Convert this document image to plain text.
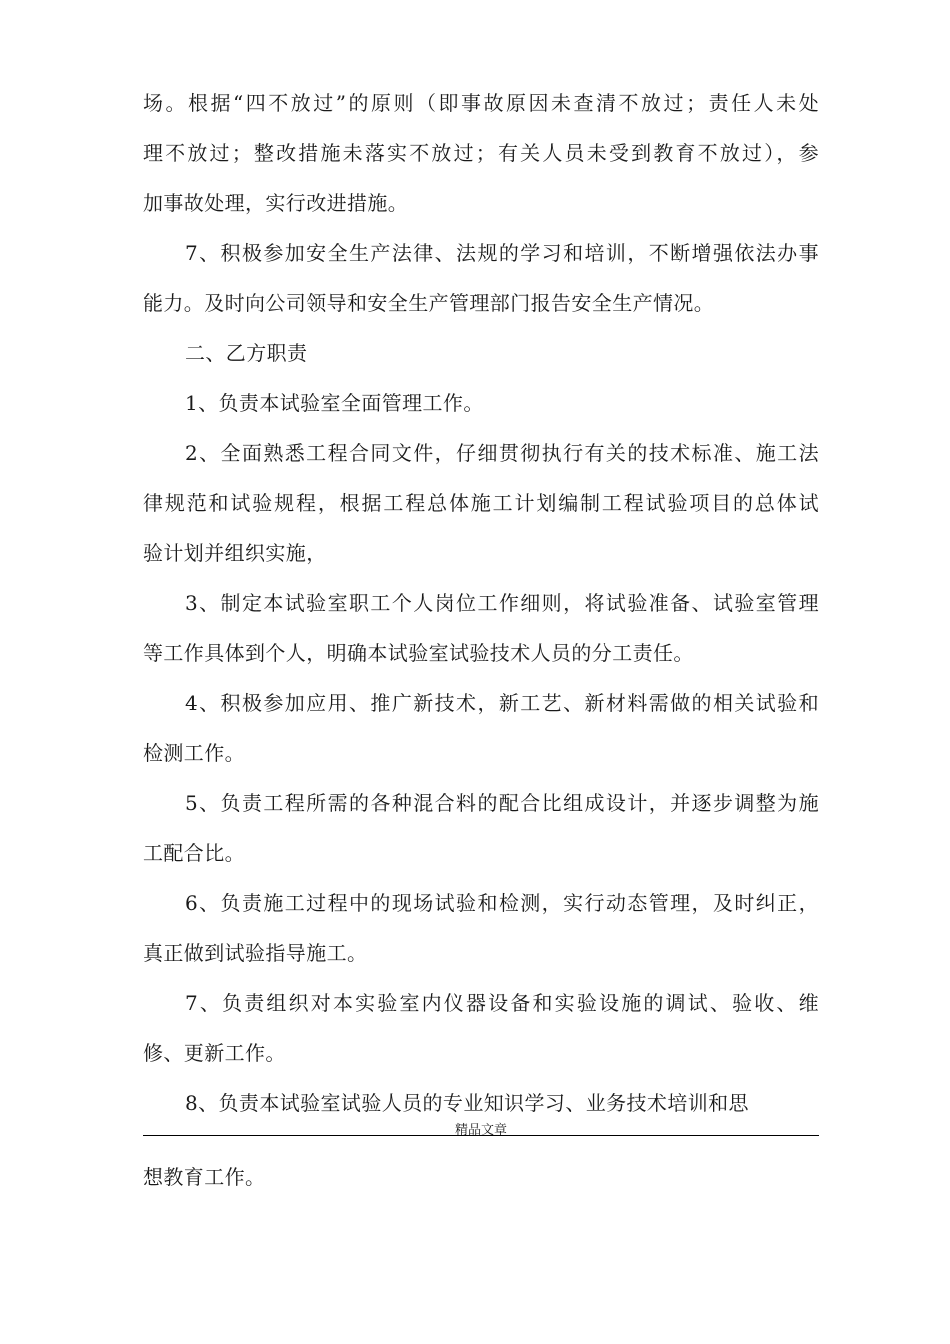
场。根据“四不放过”的原则（即事故原因未查清不放过；责任人未处
理不放过；整改措施未落实不放过；有关人员未受到教育不放过），参
加事故处理，实行改进措施。
7、积极参加安全生产法律、法规的学习和培训，不断增强依法办事
能力。及时向公司领导和安全生产管理部门报告安全生产情况。
二、乙方职责
1、负责本试验室全面管理工作。
2、全面熟悉工程合同文件，仔细贯彻执行有关的技术标准、施工法
律规范和试验规程，根据工程总体施工计划编制工程试验项目的总体试
验计划并组织实施，
3、制定本试验室职工个人岗位工作细则，将试验准备、试验室管理
等工作具体到个人，明确本试验室试验技术人员的分工责任。
4、积极参加应用、推广新技术，新工艺、新材料需做的相关试验和
检测工作。
5、负责工程所需的各种混合料的配合比组成设计，并逐步调整为施
工配合比。
6、负责施工过程中的现场试验和检测，实行动态管理，及时纠正，
真正做到试验指导施工。
7、负责组织对本实验室内仪器设备和实验设施的调试、验收、维
修、更新工作。
8、负责本试验室试验人员的专业知识学习、业务技术培训和思
精品文章
想教育工作。
